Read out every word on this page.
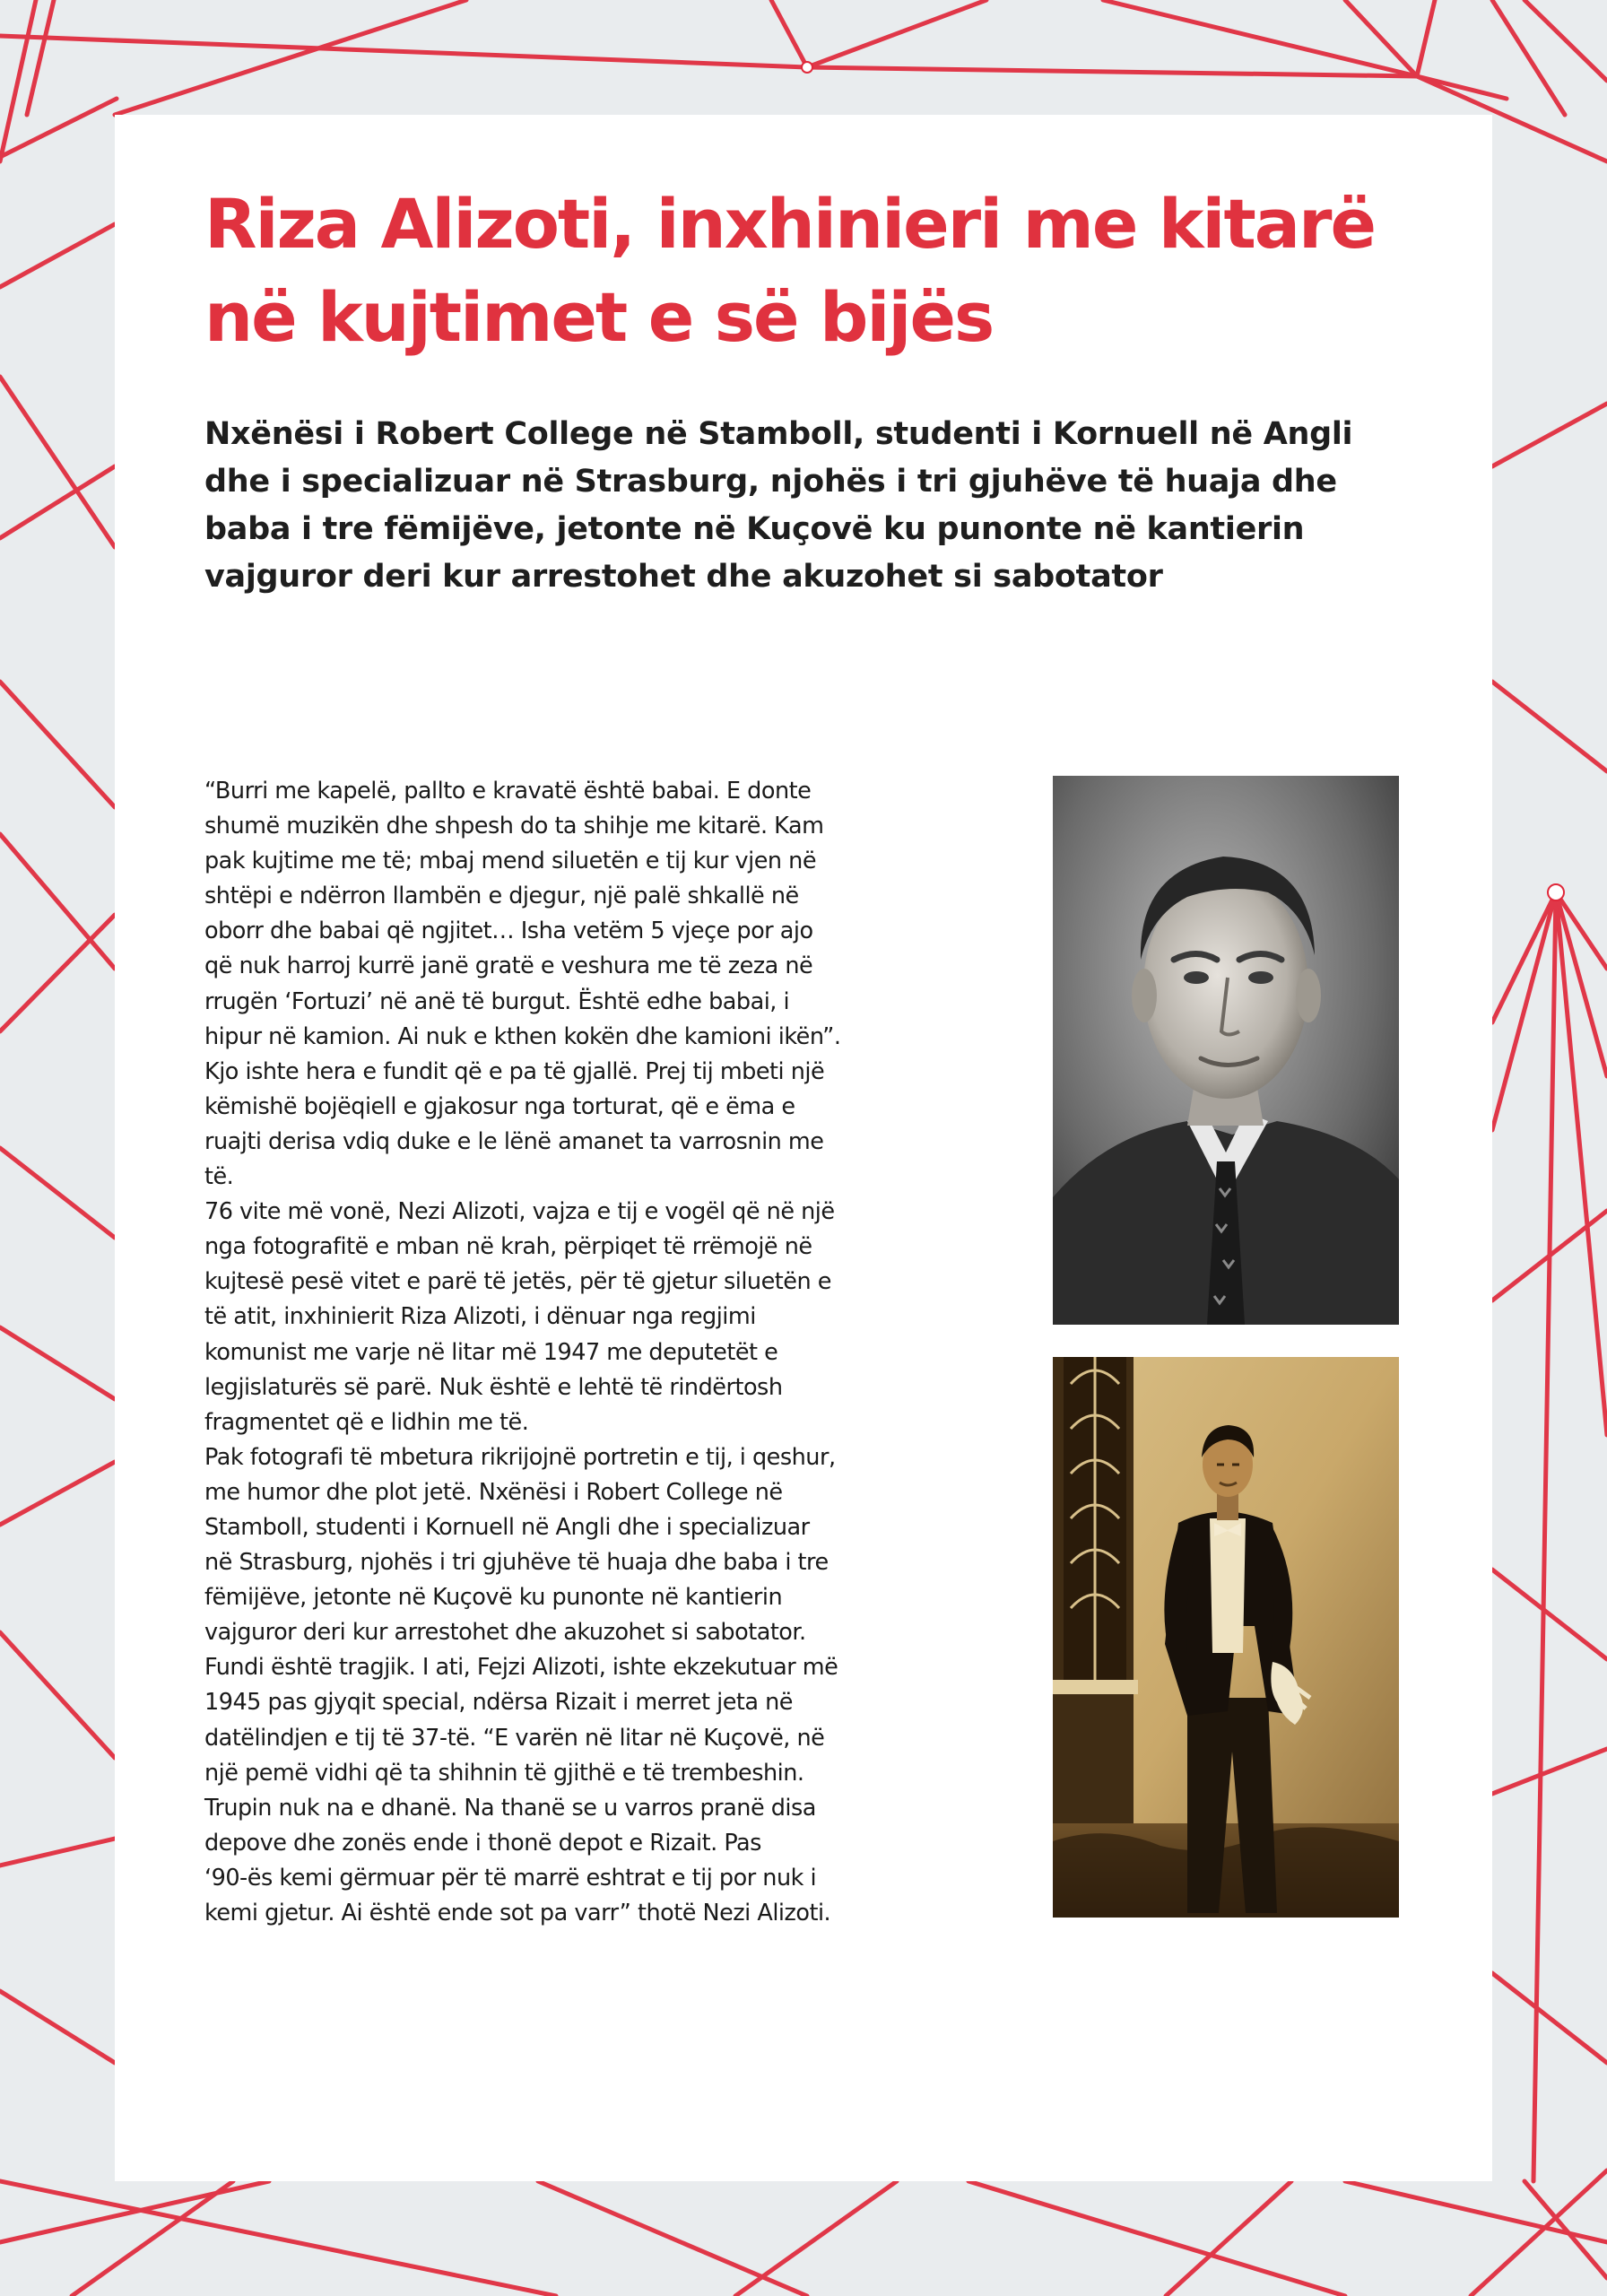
Riza Alizoti, inxhinieri me kitarë
në kujtimet e së bijës
Nxënësi i Robert College në Stamboll, studenti i Kornuell në Angli
dhe i specializuar në Strasburg, njohës i tri gjuhëve të huaja dhe
baba i tre fëmijëve, jetonte në Kuçovë ku punonte në kantierin
vajguror deri kur arrestohet dhe akuzohet si sabotator
“Burri me kapelë, pallto e kravatë është babai. E donte
shumë muzikën dhe shpesh do ta shihje me kitarë. Kam
pak kujtime me të; mbaj mend siluetën e tij kur vjen në
shtëpi e ndërron llambën e djegur, një palë shkallë në
oborr dhe babai që ngjitet… Isha vetëm 5 vjeçe por ajo
që nuk harroj kurrë janë gratë e veshura me të zeza në
rrugën ‘Fortuzi’ në anë të burgut. Është edhe babai, i
hipur në kamion. Ai nuk e kthen kokën dhe kamioni ikën”.
Kjo ishte hera e fundit që e pa të gjallë. Prej tij mbeti një
këmishë bojëqiell e gjakosur nga torturat, që e ëma e
ruajti derisa vdiq duke e le lënë amanet ta varrosnin me
të.
76 vite më vonë, Nezi Alizoti, vajza e tij e vogël që në një
nga fotografitë e mban në krah, përpiqet të rrëmojë në
kujtesë pesë vitet e parë të jetës, për të gjetur siluetën e
të atit, inxhinierit Riza Alizoti, i dënuar nga regjimi
komunist me varje në litar më 1947 me deputetët e
legjislaturës së parë. Nuk është e lehtë të rindërtosh
fragmentet që e lidhin me të.
Pak fotografi të mbetura rikrijojnë portretin e tij, i qeshur,
me humor dhe plot jetë. Nxënësi i Robert College në
Stamboll, studenti i Kornuell në Angli dhe i specializuar
në Strasburg, njohës i tri gjuhëve të huaja dhe baba i tre
fëmijëve, jetonte në Kuçovë ku punonte në kantierin
vajguror deri kur arrestohet dhe akuzohet si sabotator.
Fundi është tragjik. I ati, Fejzi Alizoti, ishte ekzekutuar më
1945 pas gjyqit special, ndërsa Rizait i merret jeta në
datëlindjen e tij të 37-të. “E varën në litar në Kuçovë, në
një pemë vidhi që ta shihnin të gjithë e të trembeshin.
Trupin nuk na e dhanë. Na thanë se u varros pranë disa
depove dhe zonës ende i thonë depot e Rizait. Pas
‘90-ës kemi gërmuar për të marrë eshtrat e tij por nuk i
kemi gjetur. Ai është ende sot pa varr” thotë Nezi Alizoti.
